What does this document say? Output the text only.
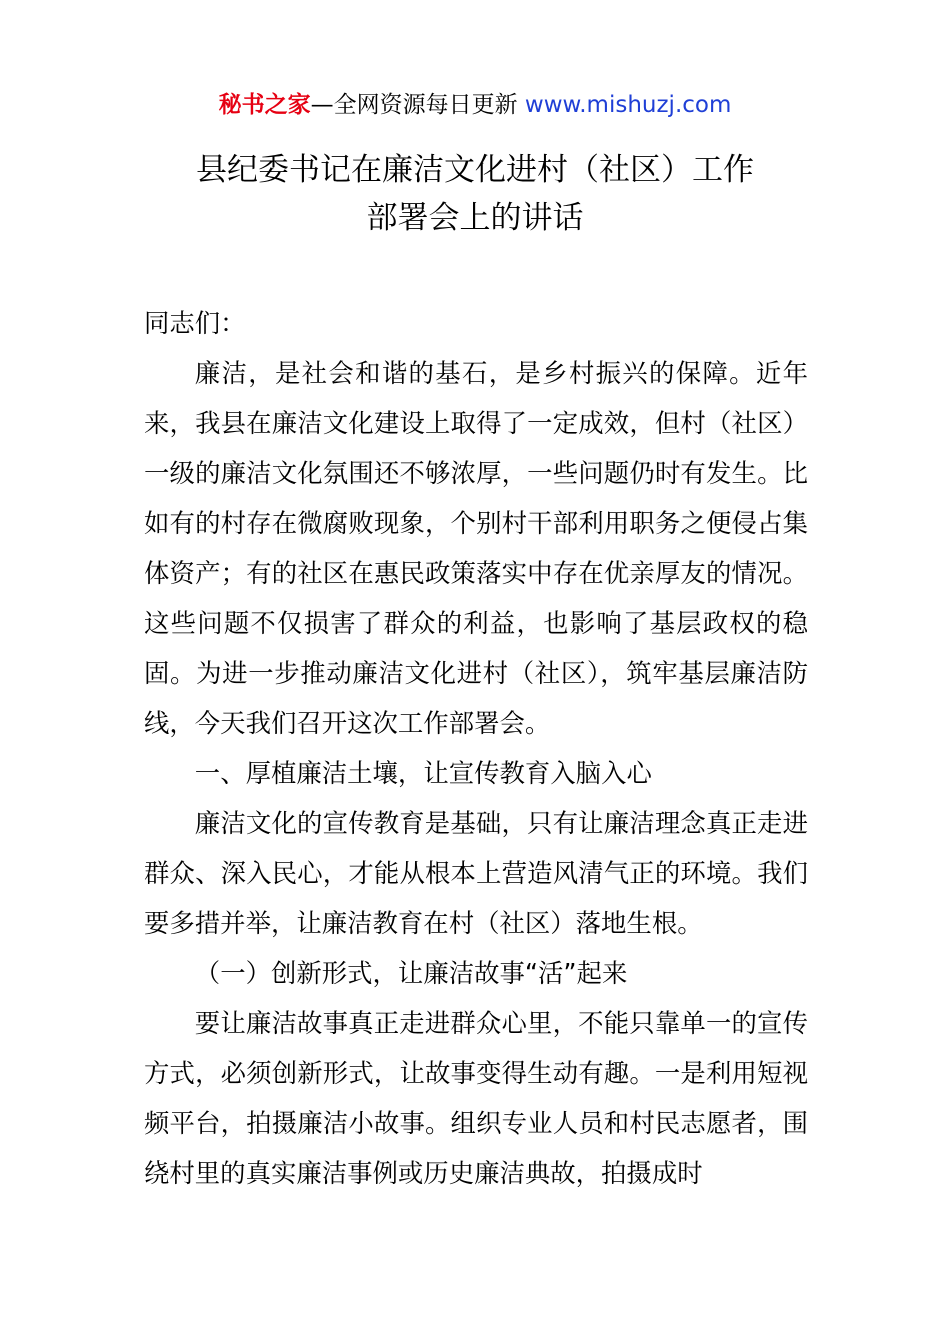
秘书之家—全网资源每日更新 www.mishuzj.com
县纪委书记在廉洁文化进村（社区）工作
部署会上的讲话

同志们：

廉洁，是社会和谐的基石，是乡村振兴的保障。近年来，我县在廉洁文化建设上取得了一定成效，但村（社区）一级的廉洁文化氛围还不够浓厚，一些问题仍时有发生。比如有的村存在微腐败现象，个别村干部利用职务之便侵占集体资产；有的社区在惠民政策落实中存在优亲厚友的情况。这些问题不仅损害了群众的利益，也影响了基层政权的稳固。为进一步推动廉洁文化进村（社区），筑牢基层廉洁防线，今天我们召开这次工作部署会。

一、厚植廉洁土壤，让宣传教育入脑入心

廉洁文化的宣传教育是基础，只有让廉洁理念真正走进群众、深入民心，才能从根本上营造风清气正的环境。我们要多措并举，让廉洁教育在村（社区）落地生根。

（一）创新形式，让廉洁故事“活”起来

要让廉洁故事真正走进群众心里，不能只靠单一的宣传方式，必须创新形式，让故事变得生动有趣。一是利用短视频平台，拍摄廉洁小故事。组织专业人员和村民志愿者，围绕村里的真实廉洁事例或历史廉洁典故，拍摄成时
